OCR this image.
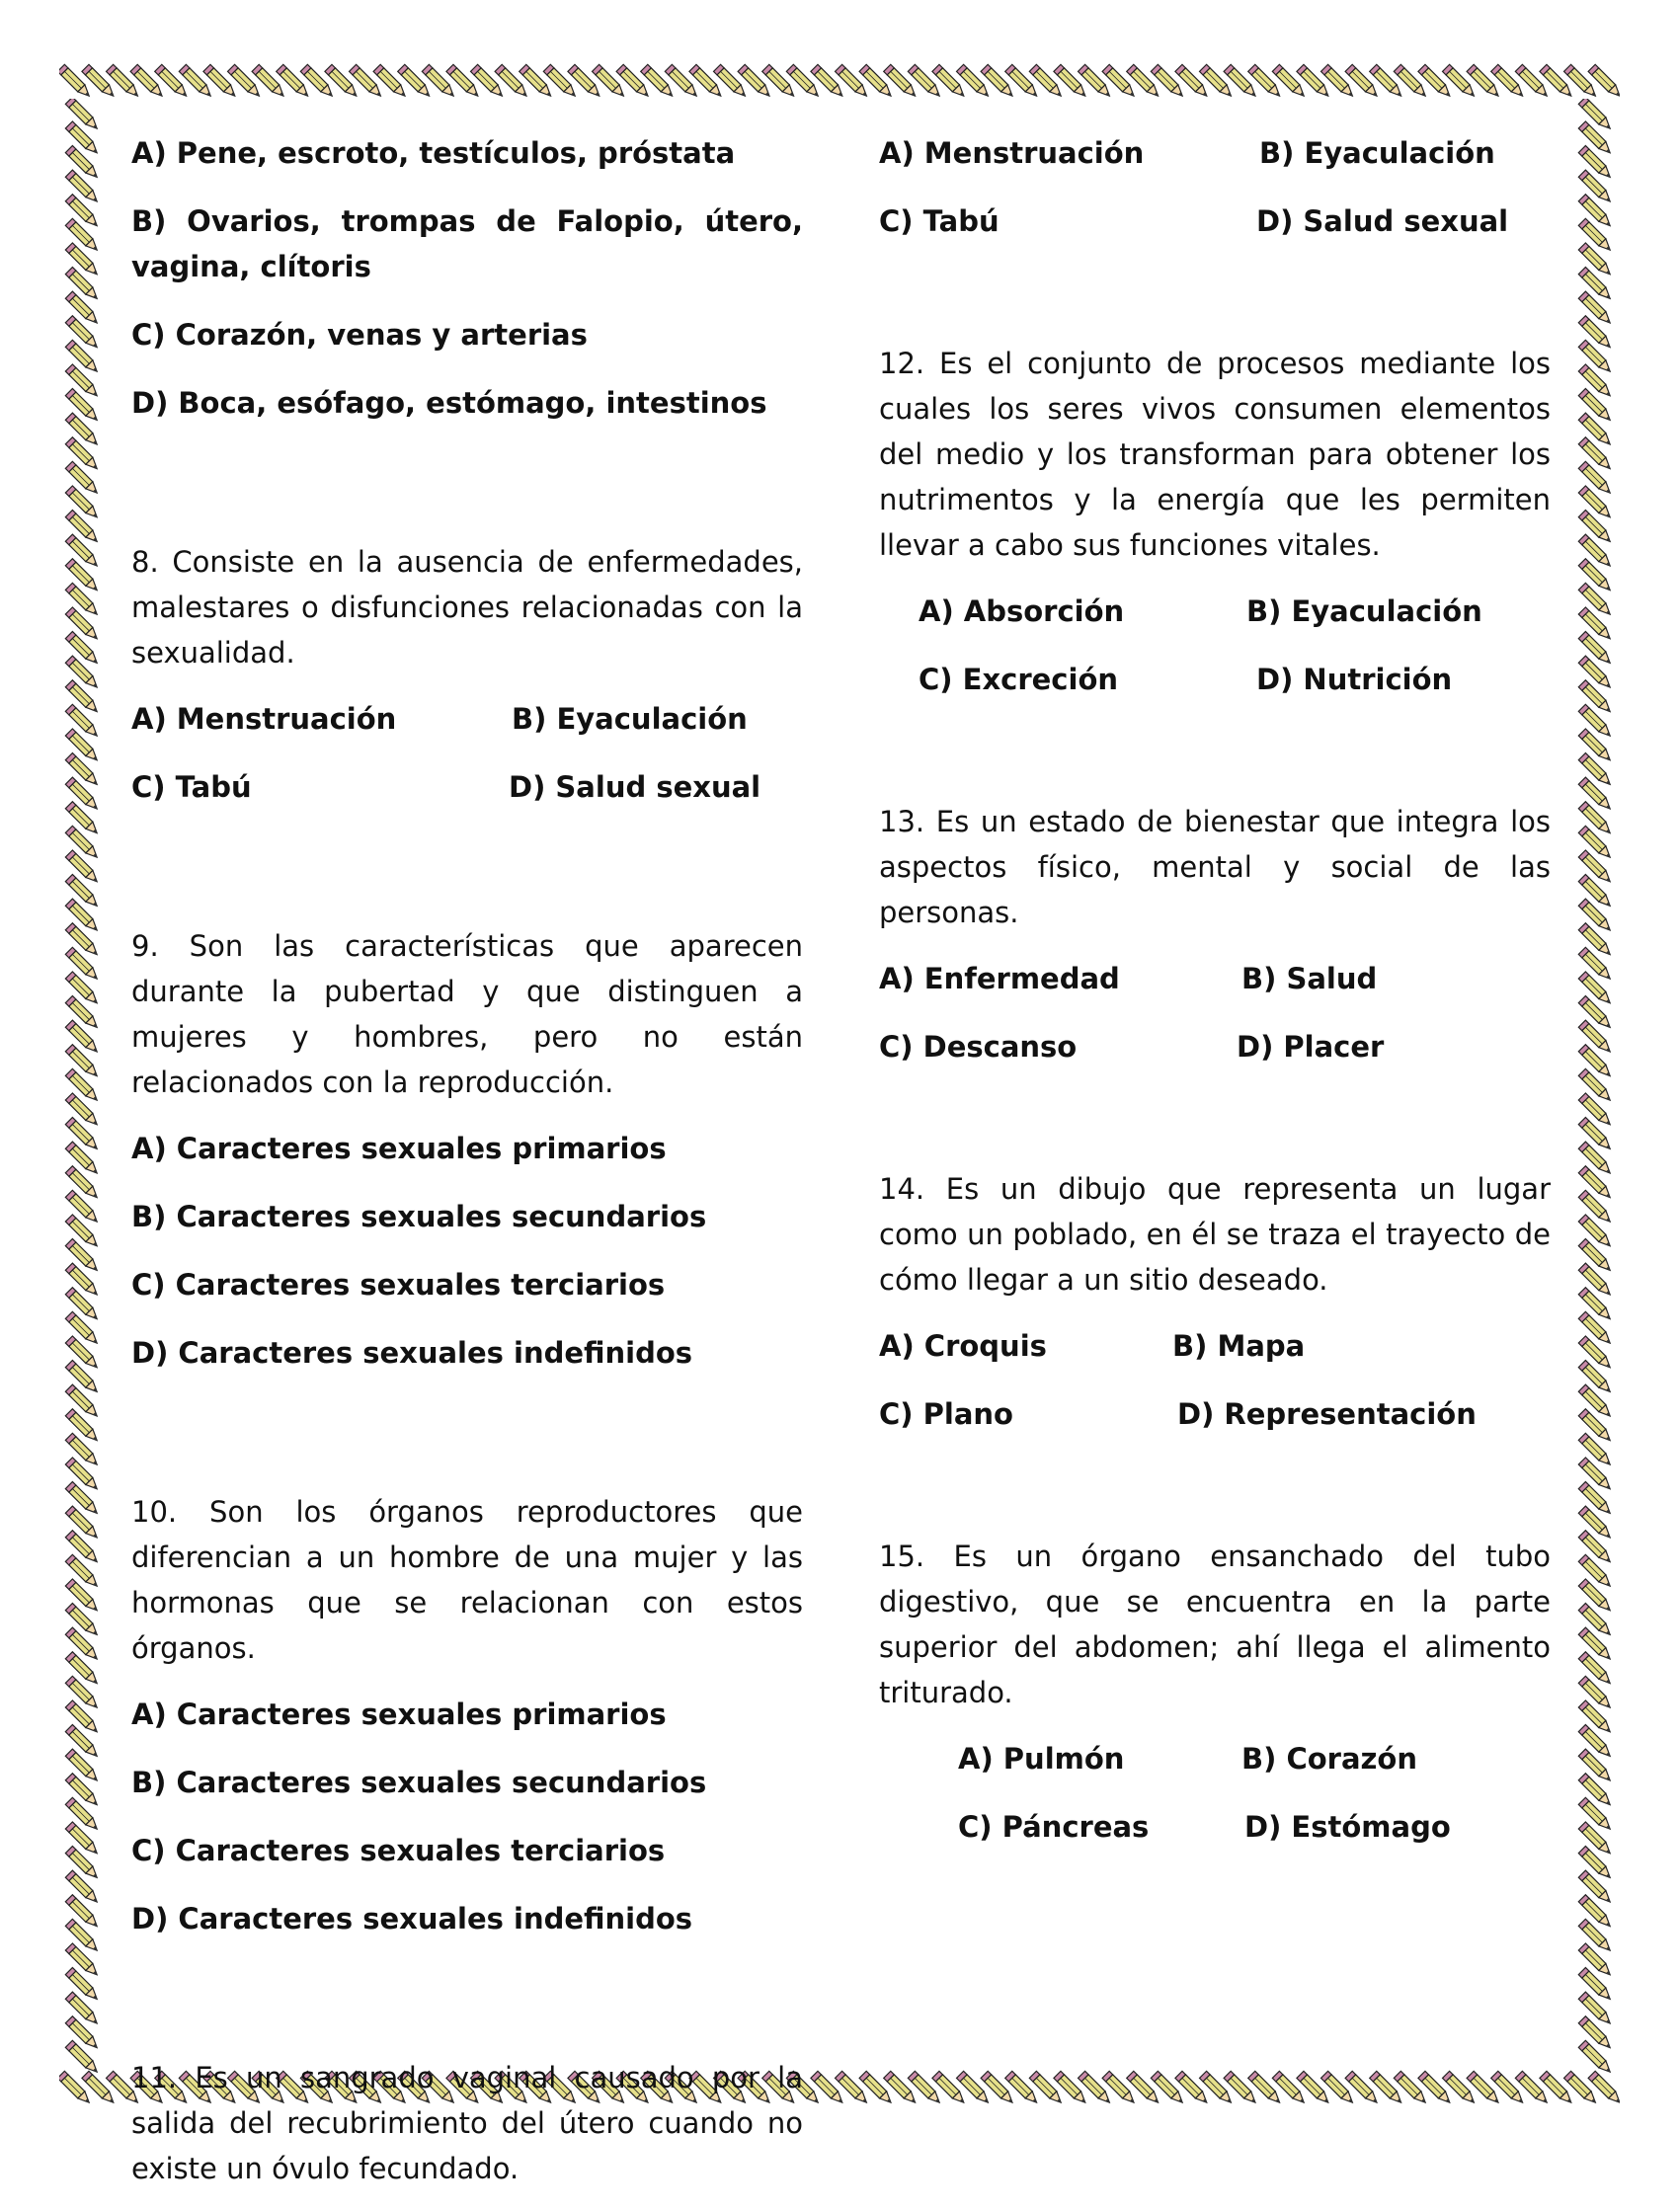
A) Pene, escroto, testículos, próstata

B) Ovarios, trompas de Falopio, útero, vagina, clítoris

C) Corazón, venas y arterias

D) Boca, esófago, estómago, intestinos

8. Consiste en la ausencia de enfermedades, malestares o disfunciones relacionadas con la sexualidad.

A) Menstruación	B) Eyaculación
C) Tabú	D) Salud sexual

9. Son las características que aparecen durante la pubertad y que distinguen a mujeres y hombres, pero no están relacionados con la reproducción.

A) Caracteres sexuales primarios

B) Caracteres sexuales secundarios

C) Caracteres sexuales terciarios

D) Caracteres sexuales indefinidos

10. Son los órganos reproductores que diferencian a un hombre de una mujer y las hormonas que se relacionan con estos órganos.

A) Caracteres sexuales primarios

B) Caracteres sexuales secundarios

C) Caracteres sexuales terciarios

D) Caracteres sexuales indefinidos

11. Es un sangrado vaginal causado por la salida del recubrimiento del útero cuando no existe un óvulo fecundado.

A) Menstruación	B) Eyaculación
C) Tabú	D) Salud sexual

12. Es el conjunto de procesos mediante los cuales los seres vivos consumen elementos del medio y los transforman para obtener los nutrimentos y la energía que les permiten llevar a cabo sus funciones vitales.

A) Absorción	B) Eyaculación
C) Excreción	D) Nutrición

13. Es un estado de bienestar que integra los aspectos físico, mental y social de las personas.

A) Enfermedad	B) Salud
C) Descanso	D) Placer

14. Es un dibujo que representa un lugar como un poblado, en él se traza el trayecto de cómo llegar a un sitio deseado.

A) Croquis	B) Mapa
C) Plano	D) Representación

15. Es un órgano ensanchado del tubo digestivo, que se encuentra en la parte superior del abdomen; ahí llega el alimento triturado.

A) Pulmón	B) Corazón
C) Páncreas	D) Estómago
